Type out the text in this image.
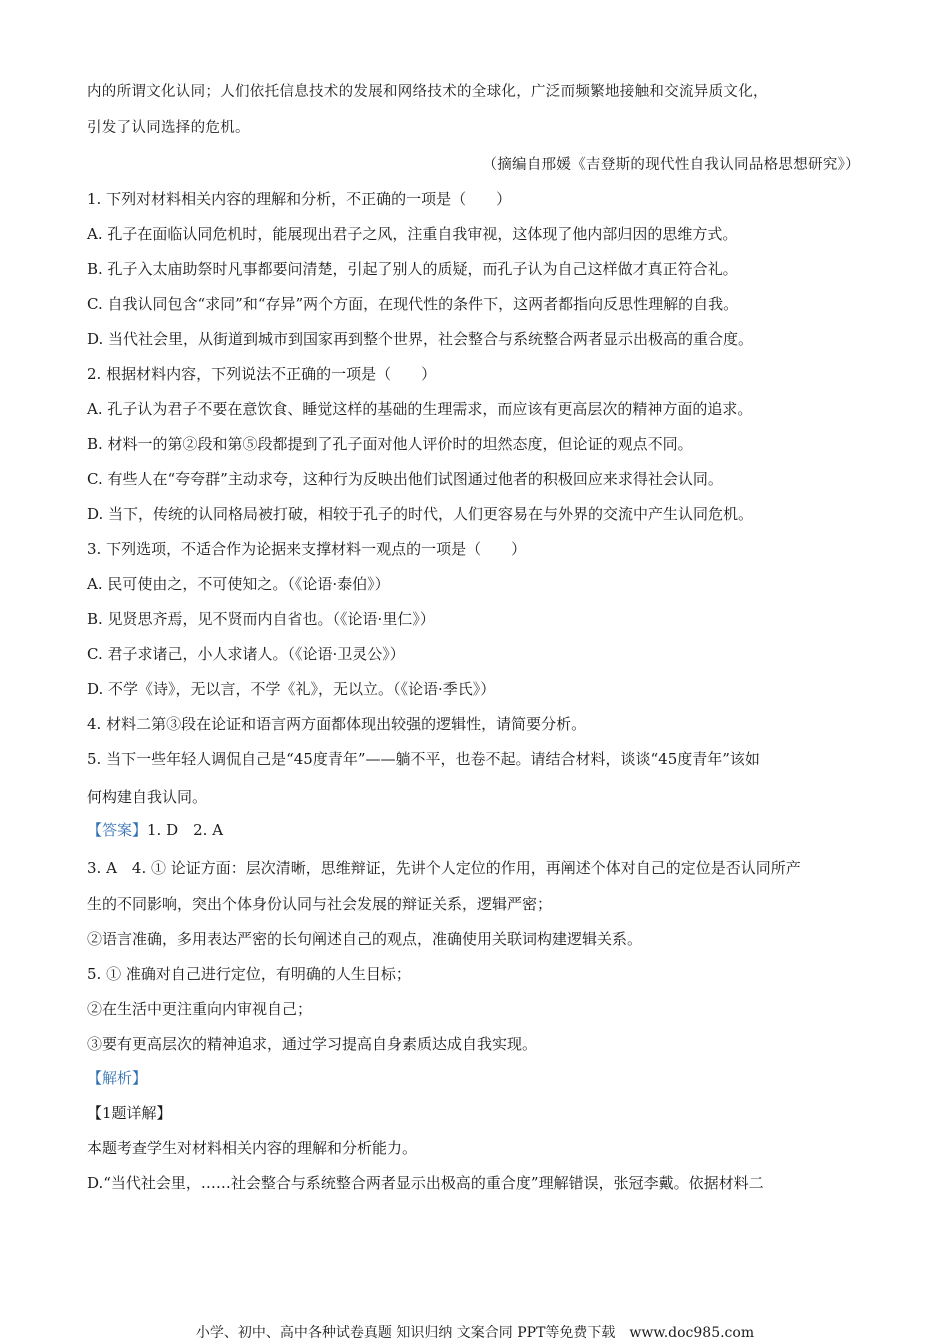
内的所谓文化认同；人们依托信息技术的发展和网络技术的全球化，广泛而频繁地接触和交流异质文化，
引发了认同选择的危机。
（摘编自邢媛《吉登斯的现代性自我认同品格思想研究》）
1. 下列对材料相关内容的理解和分析，不正确的一项是（　　）
A. 孔子在面临认同危机时，能展现出君子之风，注重自我审视，这体现了他内部归因的思维方式。
B. 孔子入太庙助祭时凡事都要问清楚，引起了别人的质疑，而孔子认为自己这样做才真正符合礼。
C. 自我认同包含“求同”和“存异”两个方面，在现代性的条件下，这两者都指向反思性理解的自我。
D. 当代社会里，从街道到城市到国家再到整个世界，社会整合与系统整合两者显示出极高的重合度。
2. 根据材料内容，下列说法不正确的一项是（　　）
A. 孔子认为君子不要在意饮食、睡觉这样的基础的生理需求，而应该有更高层次的精神方面的追求。
B. 材料一的第②段和第⑤段都提到了孔子面对他人评价时的坦然态度，但论证的观点不同。
C. 有些人在“夸夸群”主动求夸，这种行为反映出他们试图通过他者的积极回应来求得社会认同。
D. 当下，传统的认同格局被打破，相较于孔子的时代，人们更容易在与外界的交流中产生认同危机。
3. 下列选项，不适合作为论据来支撑材料一观点的一项是（　　）
A. 民可使由之，不可使知之。（《论语·泰伯》）
B. 见贤思齐焉，见不贤而内自省也。（《论语·里仁》）
C. 君子求诸己，小人求诸人。（《论语·卫灵公》）
D. 不学《诗》，无以言，不学《礼》，无以立。（《论语·季氏》）
4. 材料二第③段在论证和语言两方面都体现出较强的逻辑性，请简要分析。
5. 当下一些年轻人调侃自己是“45度青年”——躺不平，也卷不起。请结合材料，谈谈“45度青年”该如
何构建自我认同。
【答案】1. D　2. A
3. A　4. ① 论证方面：层次清晰，思维辩证，先讲个人定位的作用，再阐述个体对自己的定位是否认同所产
生的不同影响，突出个体身份认同与社会发展的辩证关系，逻辑严密；
②语言准确，多用表达严密的长句阐述自己的观点，准确使用关联词构建逻辑关系。
5. ① 准确对自己进行定位，有明确的人生目标；
②在生活中更注重向内审视自己；
③要有更高层次的精神追求，通过学习提高自身素质达成自我实现。
【解析】
【1题详解】
本题考查学生对材料相关内容的理解和分析能力。
D.“当代社会里，……社会整合与系统整合两者显示出极高的重合度”理解错误，张冠李戴。依据材料二
小学、初中、高中各种试卷真题 知识归纳 文案合同 PPT等免费下载　www.doc985.com
